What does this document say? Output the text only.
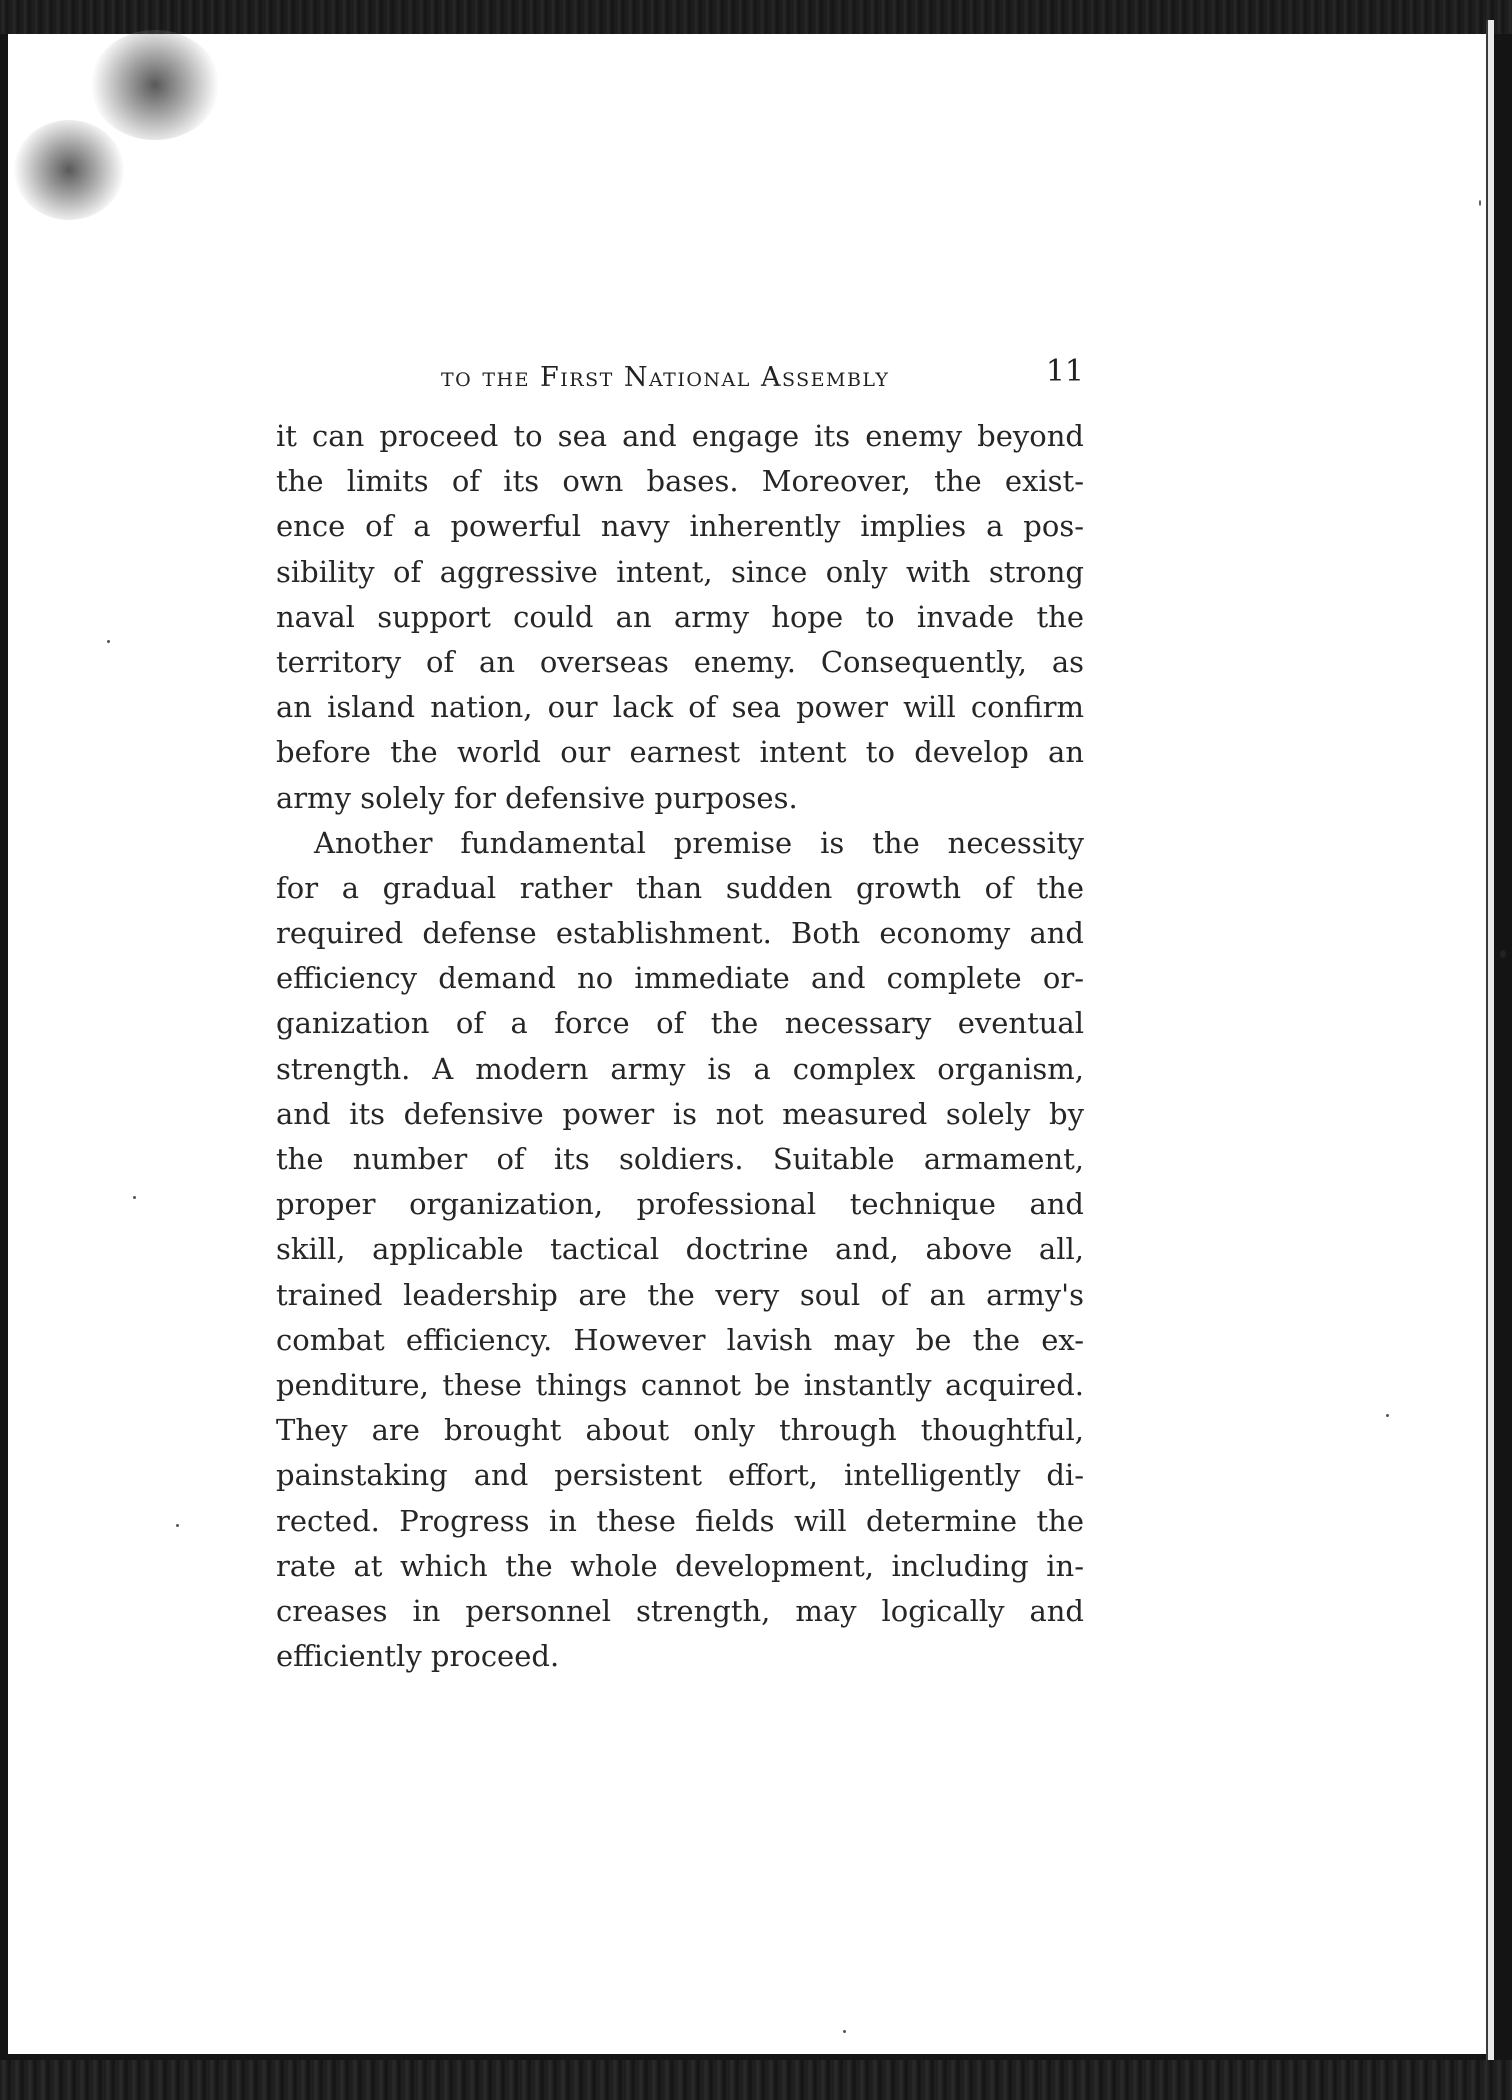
to the First National Assembly	11
it can proceed to sea and engage its enemy beyond
the limits of its own bases. Moreover, the exist-
ence of a powerful navy inherently implies a pos-
sibility of aggressive intent, since only with strong
naval support could an army hope to invade the
territory of an overseas enemy. Consequently, as
an island nation, our lack of sea power will confirm
before the world our earnest intent to develop an
army solely for defensive purposes.
Another fundamental premise is the necessity
for a gradual rather than sudden growth of the
required defense establishment. Both economy and
efficiency demand no immediate and complete or-
ganization of a force of the necessary eventual
strength. A modern army is a complex organism,
and its defensive power is not measured solely by
the number of its soldiers. Suitable armament,
proper organization, professional technique and
skill, applicable tactical doctrine and, above all,
trained leadership are the very soul of an army's
combat efficiency. However lavish may be the ex-
penditure, these things cannot be instantly acquired.
They are brought about only through thoughtful,
painstaking and persistent effort, intelligently di-
rected. Progress in these fields will determine the
rate at which the whole development, including in-
creases in personnel strength, may logically and
efficiently proceed.
